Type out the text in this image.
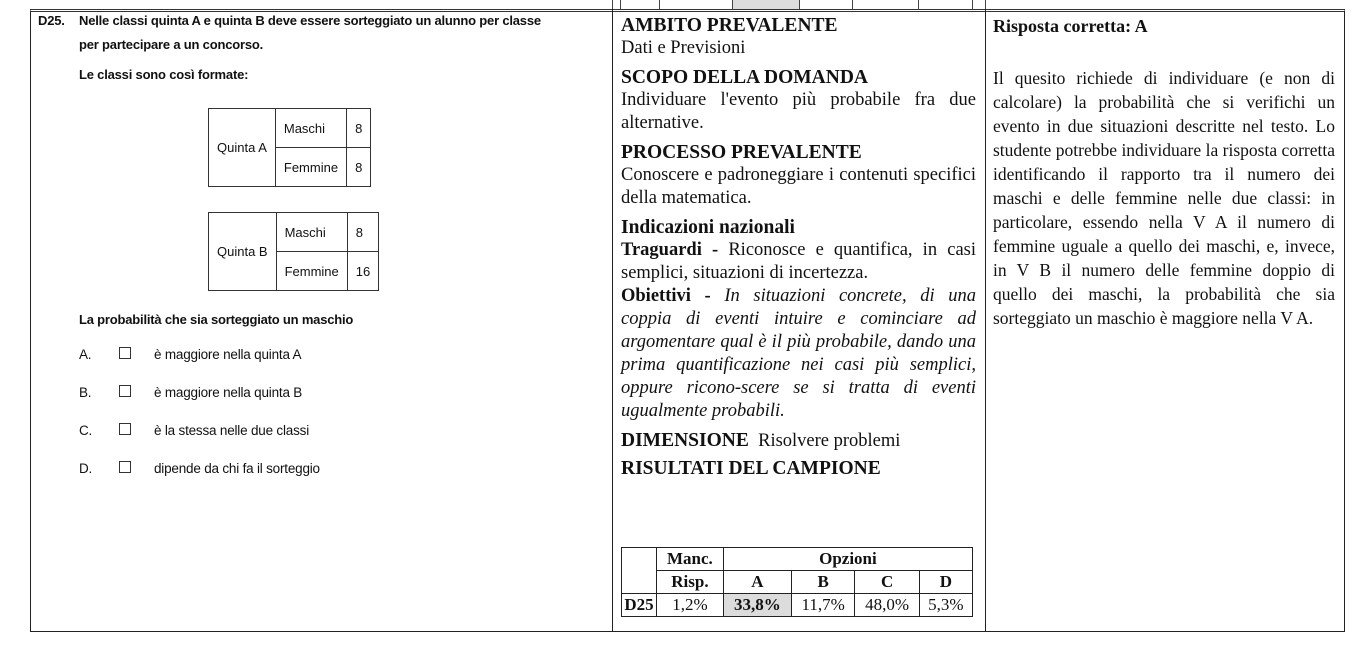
D25. Nelle classi quinta A e quinta B deve essere sorteggiato un alunno per classe
per partecipare a un concorso.
Le classi sono così formate:
Quinta A	Maschi	8
	Femmine	8
Quinta B	Maschi	8
	Femmine	16
La probabilità che sia sorteggiato un maschio
A.	è maggiore nella quinta A
B.	è maggiore nella quinta B
C.	è la stessa nelle due classi
D.	dipende da chi fa il sorteggio
AMBITO PREVALENTE
Dati e Previsioni
SCOPO DELLA DOMANDA
Individuare l'evento più probabile fra due alternative.
PROCESSO PREVALENTE
Conoscere e padroneggiare i contenuti specifici della matematica.
Indicazioni nazionali
Traguardi - Riconosce e quantifica, in casi semplici, situazioni di incertezza.
Obiettivi - In situazioni concrete, di una coppia di eventi intuire e cominciare ad argomentare qual è il più probabile, dando una prima quantificazione nei casi più semplici, oppure ricono-scere se si tratta di eventi ugualmente probabili.
DIMENSIONE Risolvere problemi
RISULTATI DEL CAMPIONE
	Manc.	Opzioni			
	Risp.	A	B	C	D
D25	1,2%	33,8%	11,7%	48,0%	5,3%
Risposta corretta: A
Il quesito richiede di individuare (e non di calcolare) la probabilità che si verifichi un evento in due situazioni descritte nel testo. Lo studente potrebbe individuare la risposta corretta identificando il rapporto tra il numero dei maschi e delle femmine nelle due classi: in particolare, essendo nella V A il numero di femmine uguale a quello dei maschi, e, invece, in V B il numero delle femmine doppio di quello dei maschi, la probabilità che sia sorteggiato un maschio è maggiore nella V A.
